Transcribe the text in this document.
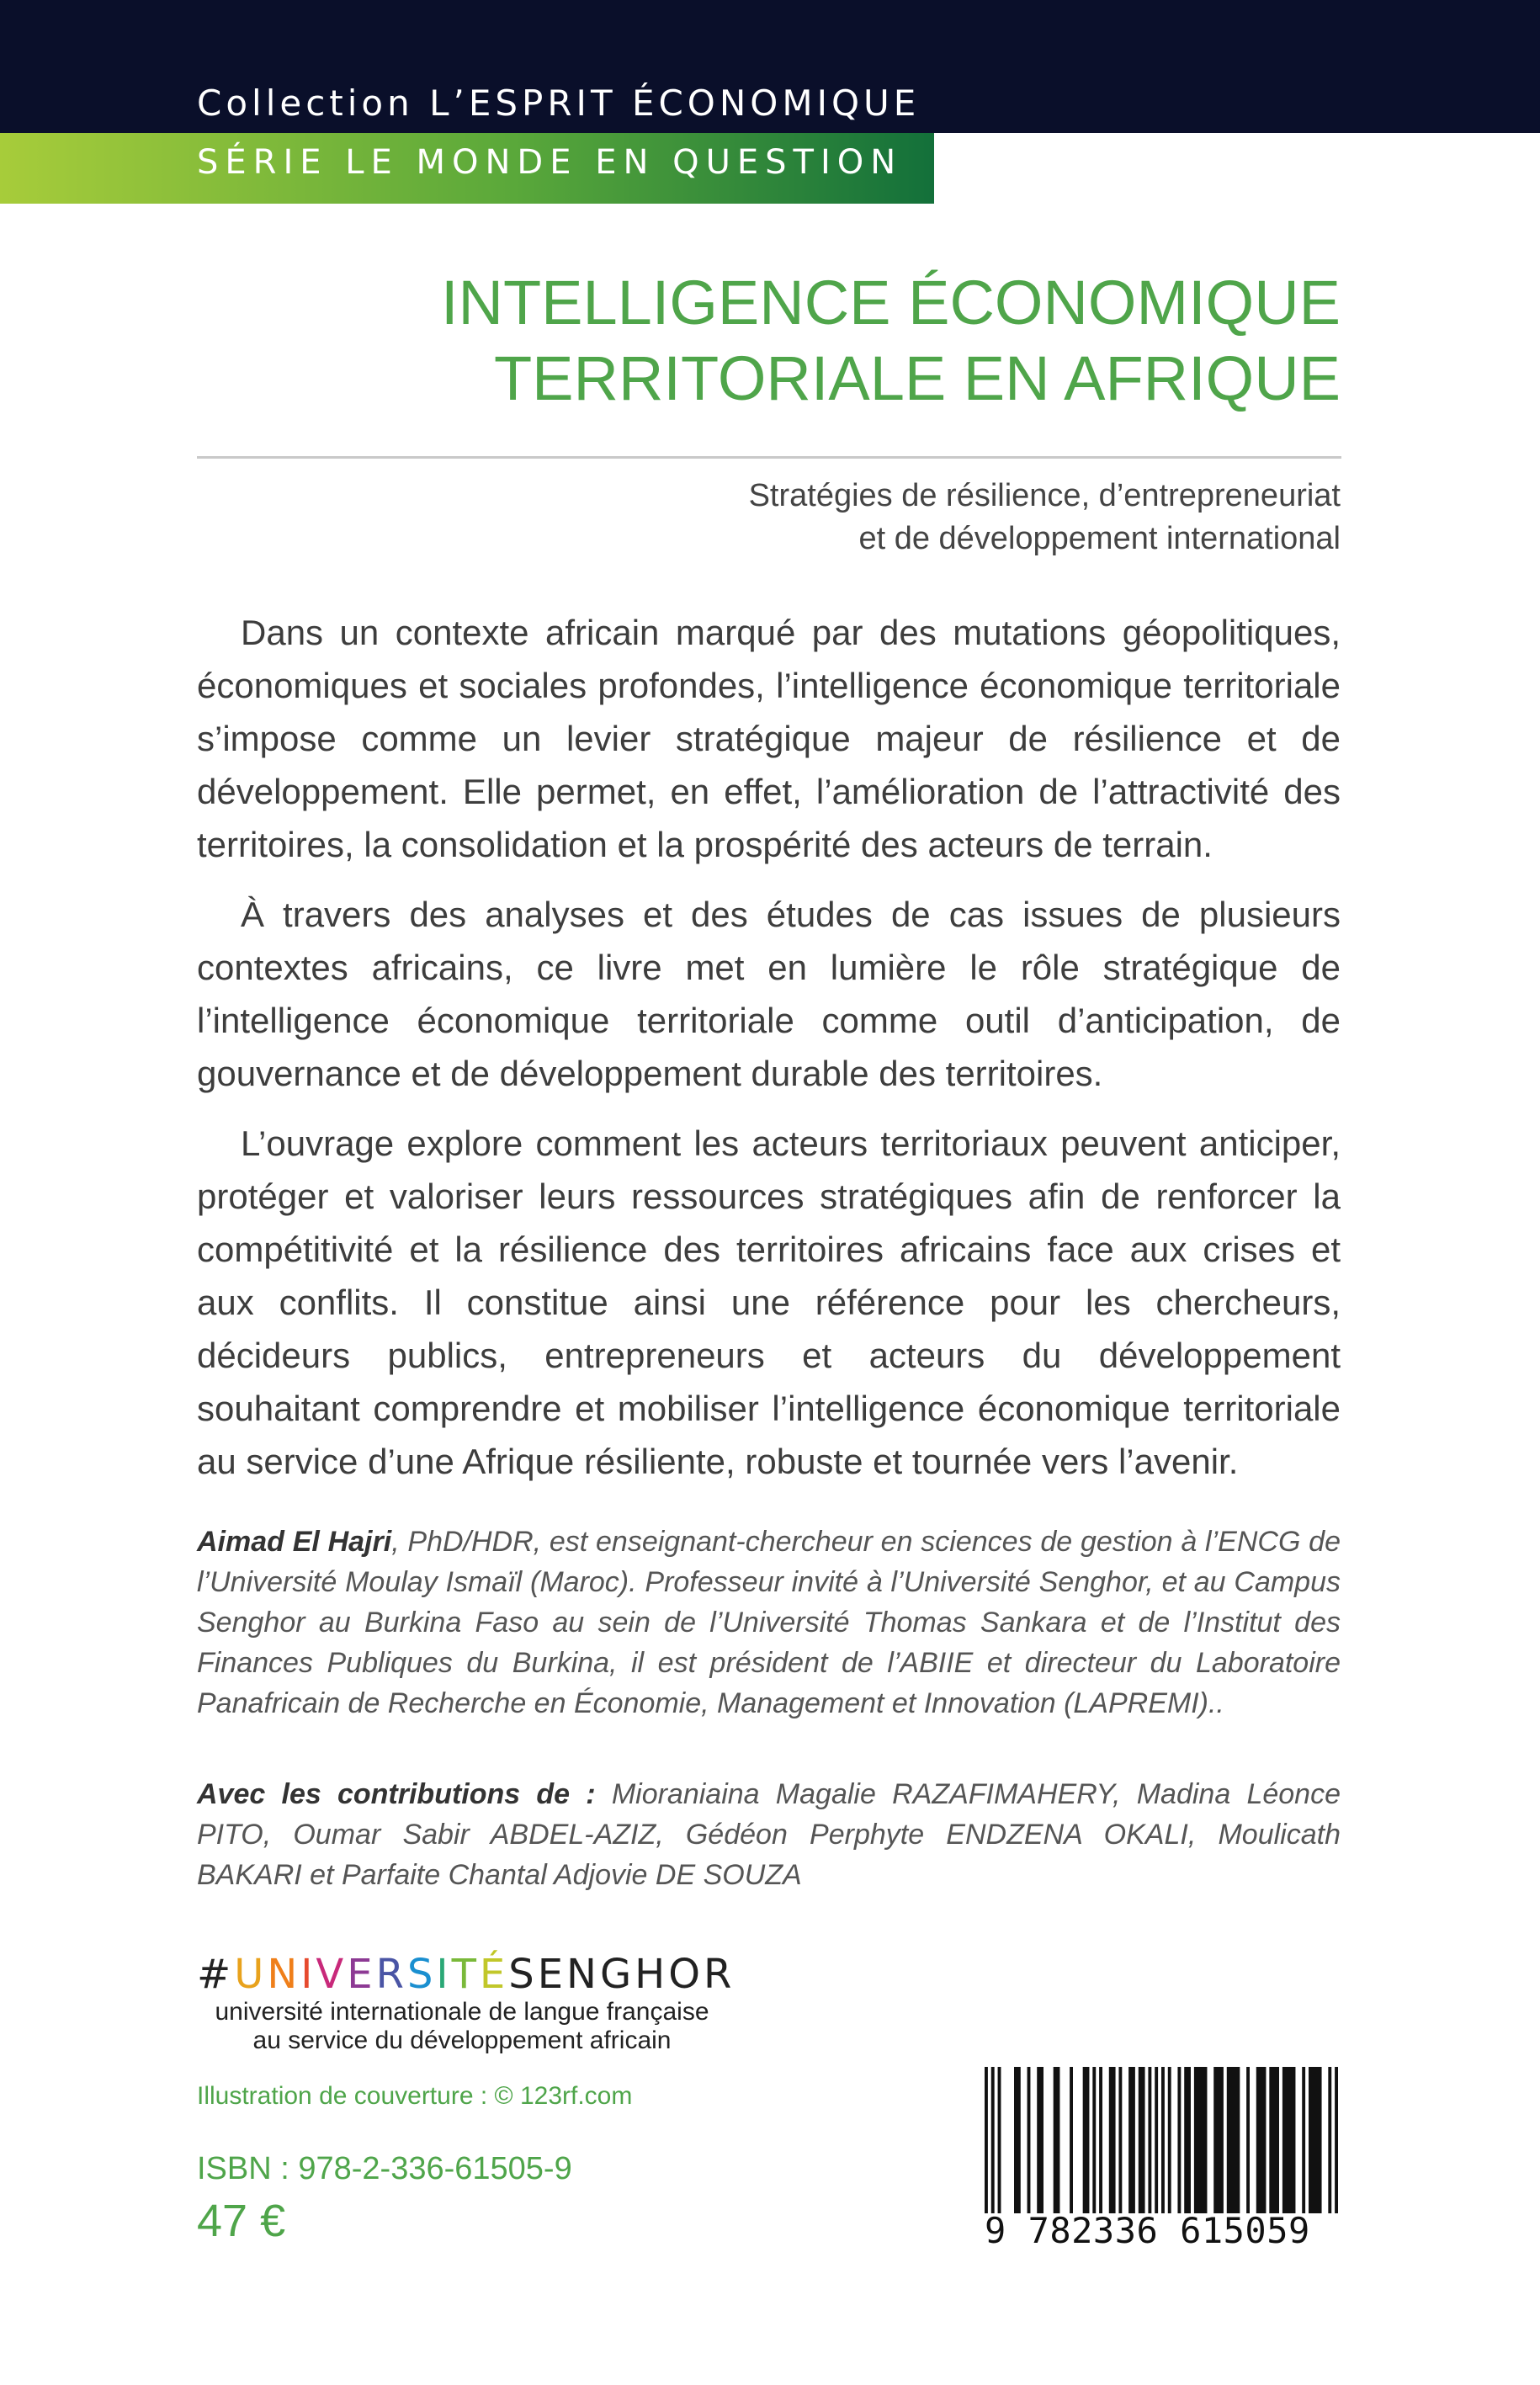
Collection L’ESPRIT ÉCONOMIQUE
SÉRIE LE MONDE EN QUESTION
INTELLIGENCE ÉCONOMIQUE
TERRITORIALE EN AFRIQUE
Stratégies de résilience, d’entrepreneuriat
et de développement international

Dans un contexte africain marqué par des mutations géopolitiques, économiques et sociales profondes, l’intelligence économique territoriale s’impose comme un levier stratégique majeur de résilience et de développement. Elle permet, en effet, l’amélioration de l’attractivité des territoires, la consolidation et la prospérité des acteurs de terrain.

À travers des analyses et des études de cas issues de plusieurs contextes africains, ce livre met en lumière le rôle stratégique de l’intelligence économique territoriale comme outil d’anticipation, de gouvernance et de développement durable des territoires.

L’ouvrage explore comment les acteurs territoriaux peuvent anticiper, protéger et valoriser leurs ressources stratégiques afin de renforcer la compétitivité et la résilience des territoires africains face aux crises et aux conflits. Il constitue ainsi une référence pour les chercheurs, décideurs publics, entrepreneurs et acteurs du développement souhaitant comprendre et mobiliser l’intelligence économique territoriale au service d’une Afrique résiliente, robuste et tournée vers l’avenir.

Aimad El Hajri, PhD/HDR, est enseignant-chercheur en sciences de gestion à l’ENCG de l’Université Moulay Ismaïl (Maroc). Professeur invité à l’Université Senghor, et au Campus Senghor au Burkina Faso au sein de l’Université Thomas Sankara et de l’Institut des Finances Publiques du Burkina, il est président de l’ABIIE et directeur du Laboratoire Panafricain de Recherche en Économie, Management et Innovation (LAPREMI)..
Avec les contributions de : Mioraniaina Magalie RAZAFIMAHERY, Madina Léonce PITO, Oumar Sabir ABDEL-AZIZ, Gédéon Perphyte ENDZENA OKALI, Moulicath BAKARI et Parfaite Chantal Adjovie DE SOUZA
#UNIVERSITÉSENGHOR
université internationale de langue française
au service du développement africain
Illustration de couverture : © 123rf.com
ISBN : 978-2-336-61505-9
47 €	9 782336 615059
